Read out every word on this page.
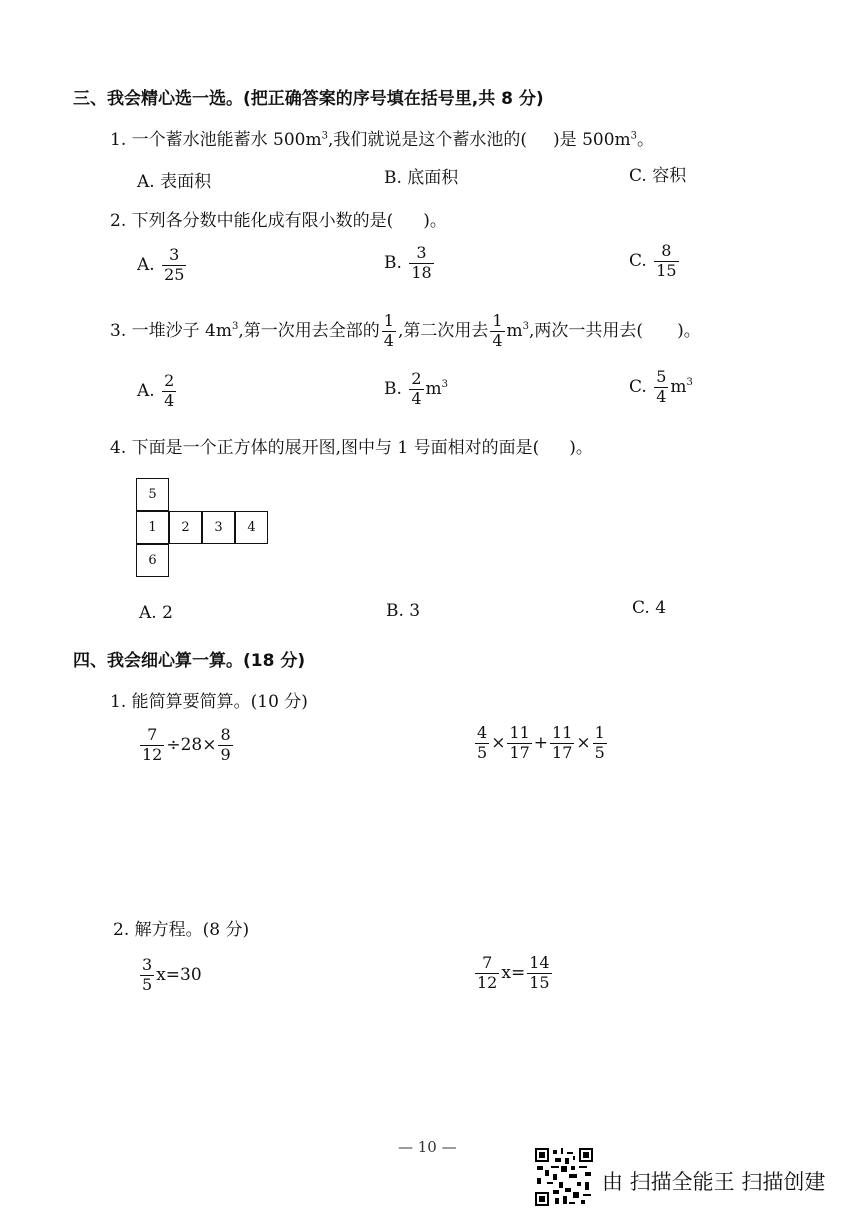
三、我会精心选一选。(把正确答案的序号填在括号里,共 8 分)
1. 一个蓄水池能蓄水 $500m^3$,我们就说是这个蓄水池的( )是 $500m^3$。
A. 表面积	B. 底面积	C. 容积
2. 下列各分数中能化成有限小数的是( )。
A. $\frac{3}{25}$	B. $\frac{3}{18}$	C. $\frac{8}{15}$
3. 一堆沙子 $4m^3$,第一次用去全部的 $\frac{1}{4}$ ,第二次用去 $\frac{1}{4} m^3$,两次一共用去( )。
A. $\frac{2}{4}$	B. $\frac{2}{4} m^3$	C. $\frac{5}{4} m^3$
4. 下面是一个正方体的展开图,图中与 1 号面相对的面是( )。
5
1	2	3	4
6
A. 2	B. 3	C. 4
四、我会细心算一算。(18 分)
1. 能简算要简算。(10 分)
$\frac{7}{12} \div 28\times \frac{8}{9}$	$\frac{4}{5} \times \frac{11}{17} + \frac{11}{17} \times \frac{1}{5}$
2. 解方程。(8 分)
$\frac{3}{5} x=30$	$\frac{7}{12} x= \frac{14}{15}$
— 10 —
由 扫描全能王 扫描创建
